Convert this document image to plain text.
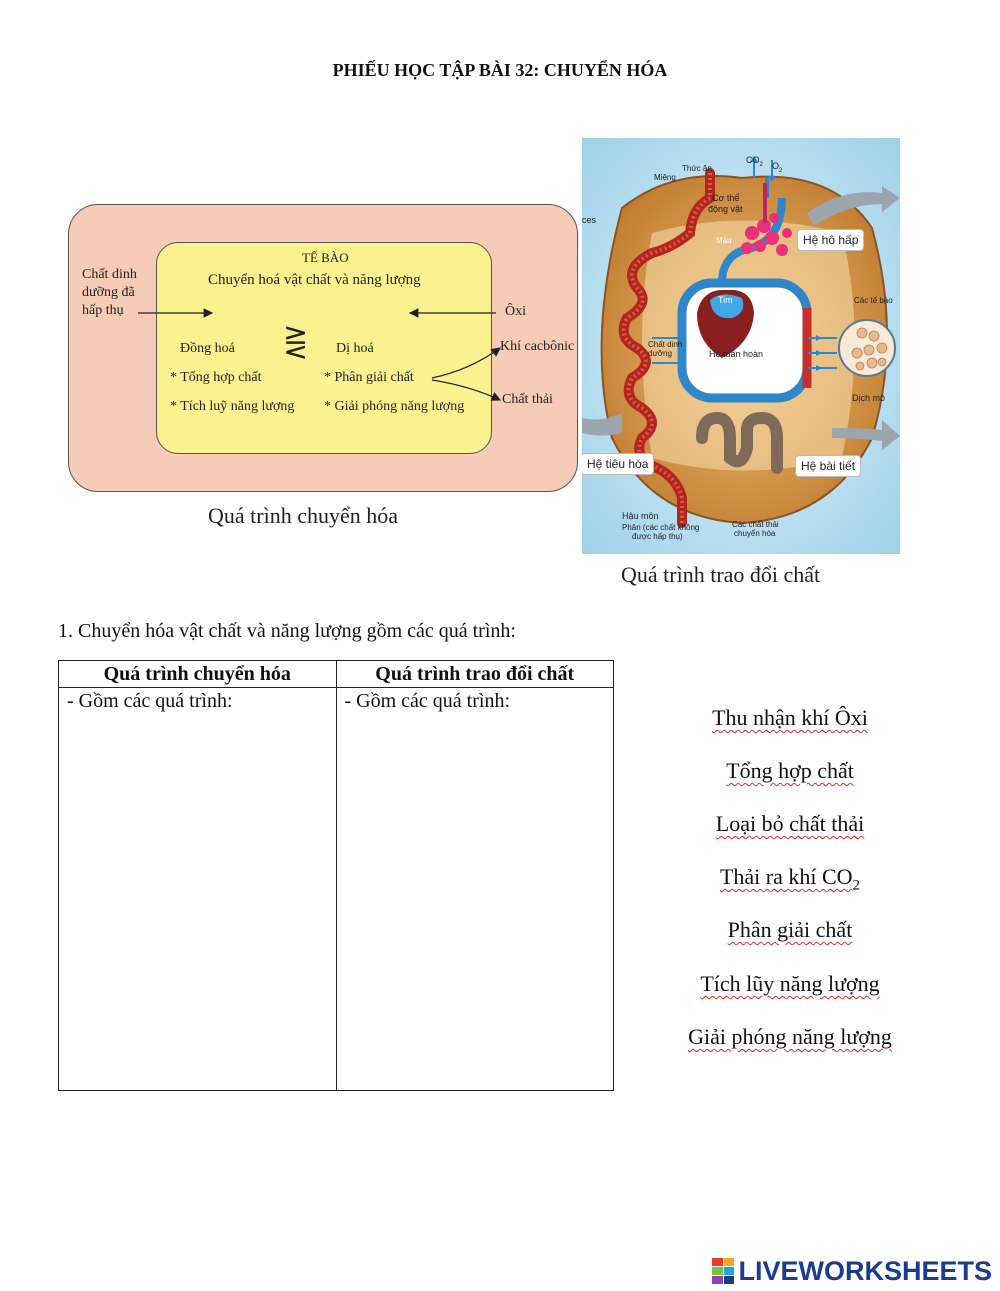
PHIẾU HỌC TẬP BÀI 32: CHUYỂN HÓA
TẾ BÀO
Chuyển hoá vật chất và năng lượng
Chất dinh
dưỡng đã
hấp thụ	Ôxi
Đồng hoá ⋛ Dị hoá
* Tổng hợp chất
* Tích luỹ năng lượng
* Phân giải chất
* Giải phóng năng lượng
Khí cacbônic
Chất thải
Quá trình chuyển hóa
Thức ăn
Miệng
$CO_2$ $O_2$
Cơ thể
động vật
ces
Hệ hô hấp
Máu
Tim	Các tế bào
Chất dinh
dưỡng	Hệ tuần hoàn
Dịch mô
Hệ tiêu hóa	Hệ bài tiết
Hậu môn
Phân (các chất không
được hấp thụ)
Các chất thải
chuyển hóa
Quá trình trao đổi chất
1. Chuyển hóa vật chất và năng lượng gồm các quá trình:
Quá trình chuyển hóa	Quá trình trao đổi chất
- Gồm các quá trình:	- Gồm các quá trình:
Thu nhận khí Ôxi
Tổng hợp chất
Loại bỏ chất thải
Thải ra khí $CO_2$
Phân giải chất
Tích lũy năng lượng
Giải phóng năng lượng
LIVEWORKSHEETS
